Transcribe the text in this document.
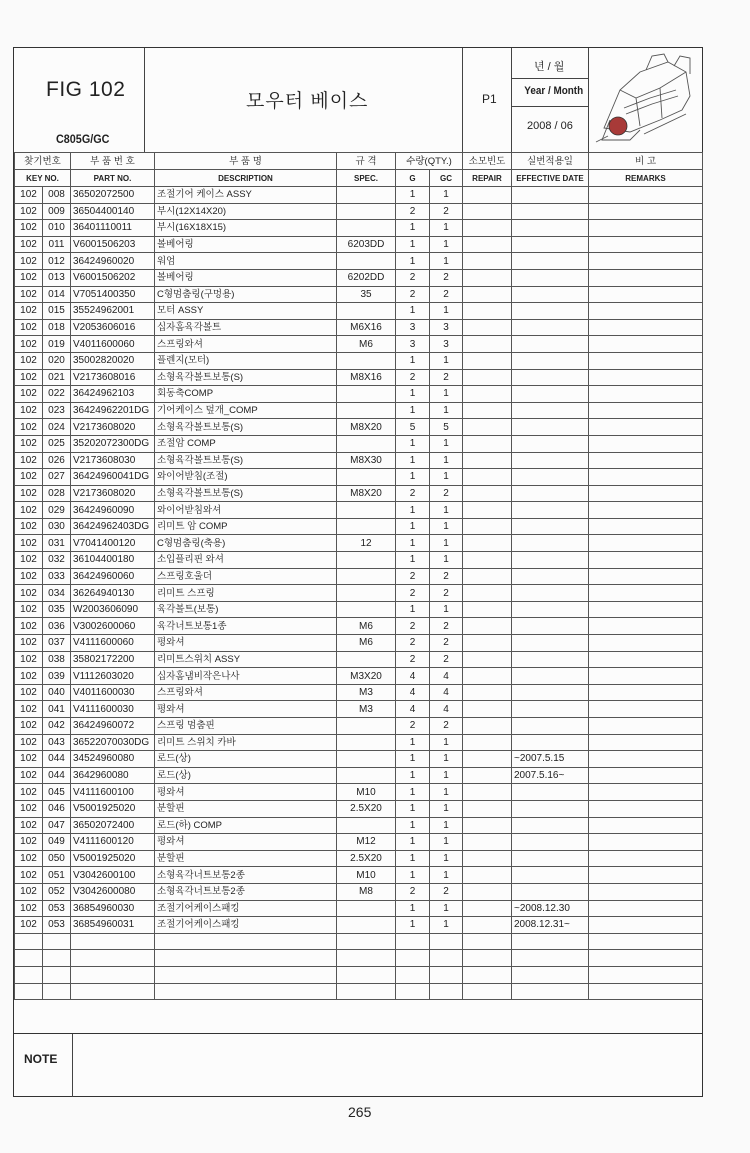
FIG 102
C805G/GC
모우터 베이스	P1
년 / 월
Year / Month
2008 / 06
찾기번호		부 품 번 호	부 품 명	규 격	수량(QTY.)		소모빈도	실번적용일	비 고
KEY NO.		PART NO.	DESCRIPTION	SPEC.	G	GC	REPAIR	EFFECTIVE DATE	REMARKS
102	008	36502072500	조절기어 케이스 ASSY		1	1			
102	009	36504400140	부시(12X14X20)		2	2			
102	010	36401110011	부시(16X18X15)		1	1			
102	011	V6001506203	볼베어링	6203DD	1	1			
102	012	36424960020	워엄		1	1			
102	013	V6001506202	볼베어링	6202DD	2	2			
102	014	V7051400350	C형멈춤링(구멍용)	35	2	2			
102	015	35524962001	모터 ASSY		1	1			
102	018	V2053606016	십자홈육각볼트	M6X16	3	3			
102	019	V4011600060	스프링와셔	M6	3	3			
102	020	35002820020	플렌지(모터)		1	1			
102	021	V2173608016	소형육각볼트보통(S)	M8X16	2	2			
102	022	36424962103	회동축COMP		1	1			
102	023	36424962201DG	기어케이스 덮개_COMP		1	1			
102	024	V2173608020	소형육각볼트보통(S)	M8X20	5	5			
102	025	35202072300DG	조절암 COMP		1	1			
102	026	V2173608030	소형육각볼트보통(S)	M8X30	1	1			
102	027	36424960041DG	와이어받침(조절)		1	1			
102	028	V2173608020	소형육각볼트보통(S)	M8X20	2	2			
102	029	36424960090	와이어받침와셔		1	1			
102	030	36424962403DG	리미트 암 COMP		1	1			
102	031	V7041400120	C형멈춤링(축용)	12	1	1			
102	032	36104400180	소입플리핀 와셔		1	1			
102	033	36424960060	스프링호울더		2	2			
102	034	36264940130	리미트 스프링		2	2			
102	035	W2003606090	육각볼트(보통)		1	1			
102	036	V3002600060	육각너트보통1종	M6	2	2			
102	037	V4111600060	평와셔	M6	2	2			
102	038	35802172200	리미트스위치 ASSY		2	2			
102	039	V1112603020	십자홈냄비작은나사	M3X20	4	4			
102	040	V4011600030	스프링와셔	M3	4	4			
102	041	V4111600030	평와셔	M3	4	4			
102	042	36424960072	스프링 멈춤핀		2	2			
102	043	36522070030DG	리미트 스위치 카바		1	1			
102	044	34524960080	로드(상)		1	1		~2007.5.15	
102	044	3642960080	로드(상)		1	1		2007.5.16~	
102	045	V4111600100	평와셔	M10	1	1			
102	046	V5001925020	분할핀	2.5X20	1	1			
102	047	36502072400	로드(하) COMP		1	1			
102	049	V4111600120	평와셔	M12	1	1			
102	050	V5001925020	분할핀	2.5X20	1	1			
102	051	V3042600100	소형육각너트보통2종	M10	1	1			
102	052	V3042600080	소형육각너트보통2종	M8	2	2			
102	053	36854960030	조절기어케이스패킹		1	1		~2008.12.30	
102	053	36854960031	조절기어케이스패킹		1	1		2008.12.31~	

NOTE
265
